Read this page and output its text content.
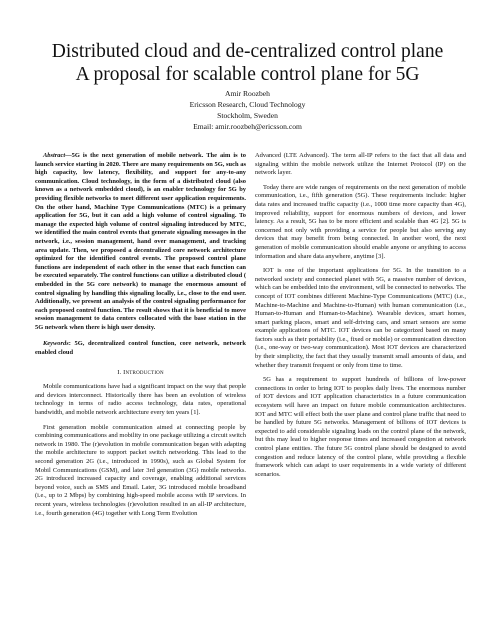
Distributed cloud and de-centralized control plane
A proposal for scalable control plane for 5G
Amir Roozbeh
Ericsson Research, Cloud Technology
Stockholm, Sweden
Email: amir.roozbeh@ericsson.com

Abstract—5G is the next generation of mobile network. The aim is to launch service starting in 2020. There are many requirements on 5G, such as high capacity, low latency, flexibility, and support for any-to-any communication. Cloud technology, in the form of a distributed cloud (also known as a network embedded cloud), is an enabler technology for 5G by providing flexible networks to meet different user application requirements. On the other hand, Machine Type Communications (MTC) is a primary application for 5G, but it can add a high volume of control signaling. To manage the expected high volume of control signaling introduced by MTC, we identified the main control events that generate signaling messages in the network, i.e., session management, hand over management, and tracking area update. Then, we proposed a decentralized core network architecture optimized for the identified control events. The proposed control plane functions are independent of each other in the sense that each function can be executed separately. The control functions can utilize a distributed cloud ( embedded in the 5G core network) to manage the enormous amount of control signaling by handling this signaling locally, i.e., close to the end user. Additionally, we present an analysis of the control signaling performance for each proposed control function. The result shows that it is beneficial to move session management to data centers collocated with the base station in the 5G network when there is high user density.

Keywords: 5G, decentralized control function, core network, network enabled cloud

I. Introduction

Mobile communications have had a significant impact on the way that people and devices interconnect. Historically there has been an evolution of wireless technology in terms of radio access technology, data rates, operational bandwidth, and mobile network architecture every ten years [1].

First generation mobile communication aimed at connecting people by combining communications and mobility in one package utilizing a circuit switch network in 1980. The (r)evolution in mobile communication began with adapting the mobile architecture to support packet switch networking. This lead to the second generation 2G (i.e., introduced in 1990s), such as Global System for Mobil Communications (GSM), and later 3rd generation (3G) mobile networks. 2G introduced increased capacity and coverage, enabling additional services beyond voice, such as SMS and Email. Later, 3G introduced mobile broadband (i.e., up to 2 Mbps) by combining high-speed mobile access with IP services. In recent years, wireless technologies (r)evolution resulted in an all-IP architecture, i.e., fourth generation (4G) together with Long Term Evolution

Advanced (LTE Advanced). The term all-IP refers to the fact that all data and signaling within the mobile network utilize the Internet Protocol (IP) on the network layer.

Today there are wide ranges of requirements on the next generation of mobile communication, i.e., fifth generation (5G). These requirements include: higher data rates and increased traffic capacity (i.e., 1000 time more capacity than 4G), improved reliability, support for enormous numbers of devices, and lower latency. As a result, 5G has to be more efficient and scalable than 4G [2]. 5G is concerned not only with providing a service for people but also serving any devices that may benefit from being connected. In another word, the next generation of mobile communication should enable anyone or anything to access information and share data anywhere, anytime [3].

IOT is one of the important applications for 5G. In the transition to a networked society and connected planet with 5G, a massive number of devices, which can be embedded into the environment, will be connected to networks. The concept of IOT combines different Machine-Type Communications (MTC) (i.e., Machine-to-Machine and Machine-to-Human) with human communication (i.e., Human-to-Human and Human-to-Machine). Wearable devices, smart homes, smart parking places, smart and self-driving cars, and smart sensors are some example applications of MTC. IOT devices can be categorized based on many factors such as their portability (i.e., fixed or mobile) or communication direction (i.e., one-way or two-way communication). Most IOT devices are characterized by their simplicity, the fact that they usually transmit small amounts of data, and whether they transmit frequent or only from time to time.

5G has a requirement to support hundreds of billions of low-power connections in order to bring IOT to peoples daily lives. The enormous number of IOT devices and IOT application characteristics in a future communication ecosystem will have an impact on future mobile communication architectures. IOT and MTC will effect both the user plane and control plane traffic that need to be handled by future 5G networks. Management of billions of IOT devices is expected to add considerable signaling loads on the control plane of the network, but this may lead to higher response times and increased congestion at network control plane entities. The future 5G control plane should be designed to avoid congestion and reduce latency of the control plane, while providing a flexible framework which can adapt to user requirements in a wide variety of different scenarios.
